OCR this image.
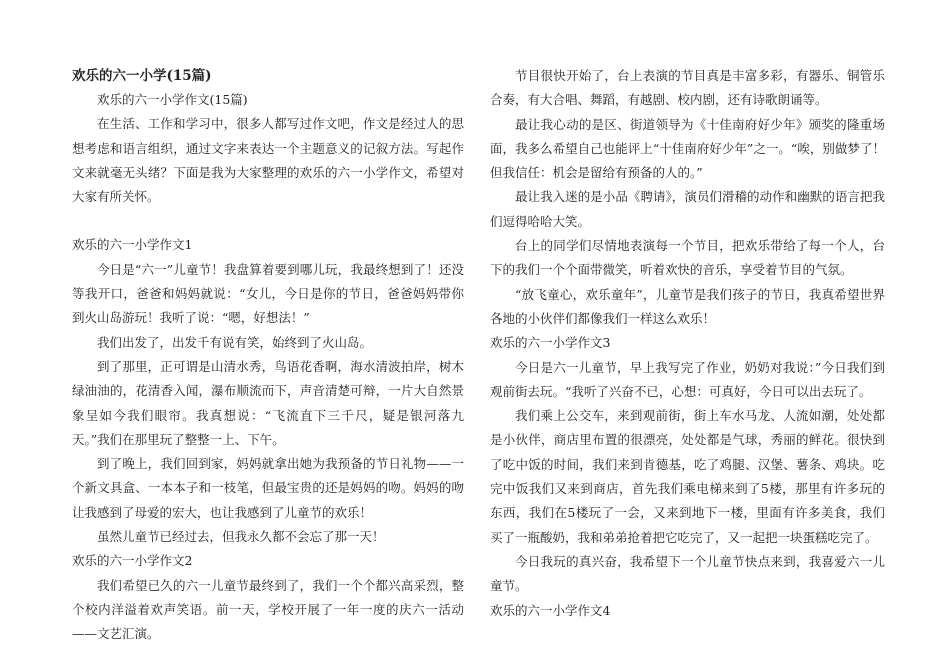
欢乐的六一小学(15篇)

欢乐的六一小学作文(15篇)

在生活、工作和学习中，很多人都写过作文吧，作文是经过人的思想考虑和语言组织，通过文字来表达一个主题意义的记叙方法。写起作文来就毫无头绪？下面是我为大家整理的欢乐的六一小学作文，希望对大家有所关怀。

欢乐的六一小学作文1

今日是“六一”儿童节！我盘算着要到哪儿玩，我最终想到了！还没等我开口，爸爸和妈妈就说：“女儿，今日是你的节日，爸爸妈妈带你到火山岛游玩！我听了说：“嗯，好想法！”

我们出发了，出发千有说有笑，始终到了火山岛。

到了那里，正可谓是山清水秀，鸟语花香啊，海水清波拍岸，树木绿油油的，花清香入闻，瀑布顺流而下，声音清楚可辩，一片大自然景象呈如今我们眼帘。我真想说：“飞流直下三千尺，疑是银河落九天。”我们在那里玩了整整一上、下午。

到了晚上，我们回到家，妈妈就拿出她为我预备的节日礼物——一个新文具盒、一本本子和一枝笔，但最宝贵的还是妈妈的吻。妈妈的吻让我感到了母爱的宏大，也让我感到了儿童节的欢乐！

虽然儿童节已经过去，但我永久都不会忘了那一天！

欢乐的六一小学作文2

我们希望已久的六一儿童节最终到了，我们一个个都兴高采烈，整个校内洋溢着欢声笑语。前一天，学校开展了一年一度的庆六一活动——文艺汇演。

节目很快开始了，台上表演的节目真是丰富多彩，有器乐、铜管乐合奏，有大合唱、舞蹈，有越剧、校内剧，还有诗歌朗诵等。

最让我心动的是区、街道领导为《十佳南府好少年》颁奖的隆重场面，我多么希望自己也能评上“十佳南府好少年”之一。“唉，别做梦了！但我信任：机会是留给有预备的人的。”

最让我入迷的是小品《聘请》，演员们滑稽的动作和幽默的语言把我们逗得哈哈大笑。

台上的同学们尽情地表演每一个节目，把欢乐带给了每一个人，台下的我们一个个面带微笑，听着欢快的音乐，享受着节目的气氛。

“放飞童心，欢乐童年”，儿童节是我们孩子的节日，我真希望世界各地的小伙伴们都像我们一样这么欢乐！

欢乐的六一小学作文3

今日是六一儿童节，早上我写完了作业，奶奶对我说：”今日我们到观前街去玩。“我听了兴奋不已，心想：可真好，今日可以出去玩了。

我们乘上公交车，来到观前街，街上车水马龙、人流如潮，处处都是小伙伴，商店里布置的很漂亮，处处都是气球，秀丽的鲜花。很快到了吃中饭的时间，我们来到肯德基，吃了鸡腿、汉堡、薯条、鸡块。吃完中饭我们又来到商店，首先我们乘电梯来到了5楼，那里有许多玩的东西，我们在5楼玩了一会，又来到地下一楼，里面有许多美食，我们买了一瓶酸奶，我和弟弟抢着把它吃完了，又一起把一块蛋糕吃完了。

今日我玩的真兴奋，我希望下一个儿童节快点来到，我喜爱六一儿童节。

欢乐的六一小学作文4
